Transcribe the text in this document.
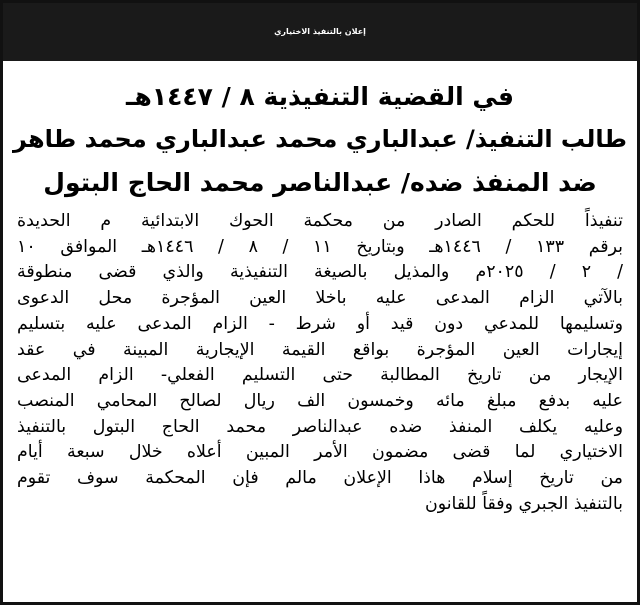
إعلان بالتنفيذ الاختياري
في القضية التنفيذية ٨ / ١٤٤٧هـ
طالب التنفيذ/ عبدالباري محمد عبدالباري محمد طاهر
ضد المنفذ ضده/ عبدالناصر محمد الحاج البتول

تنفيذاً للحكم الصادر من محكمة الحوك الابتدائية م الحديدة
برقم ١٣٣ / ١٤٤٦هـ وبتاريخ ١١ / ٨ / ١٤٤٦هـ الموافق ١٠
/ ٢ / ٢٠٢٥م والمذيل بالصيغة التنفيذية والذي قضى منطوقة
بالآتي الزام المدعى عليه باخلا العين المؤجرة محل الدعوى
وتسليمها للمدعي دون قيد أو شرط - الزام المدعى عليه بتسليم
إيجارات العين المؤجرة بواقع القيمة الإيجارية المبينة في عقد
الإيجار من تاريخ المطالبة حتى التسليم الفعلي- الزام المدعى
عليه بدفع مبلغ مائه وخمسون الف ريال لصالح المحامي المنصب
وعليه يكلف المنفذ ضده عبدالناصر محمد الحاج البتول بالتنفيذ
الاختياري لما قضى مضمون الأمر المبين أعلاه خلال سبعة أيام
من تاريخ إسلام هاذا الإعلان مالم فإن المحكمة سوف تقوم
بالتنفيذ الجبري وفقاً للقانون
